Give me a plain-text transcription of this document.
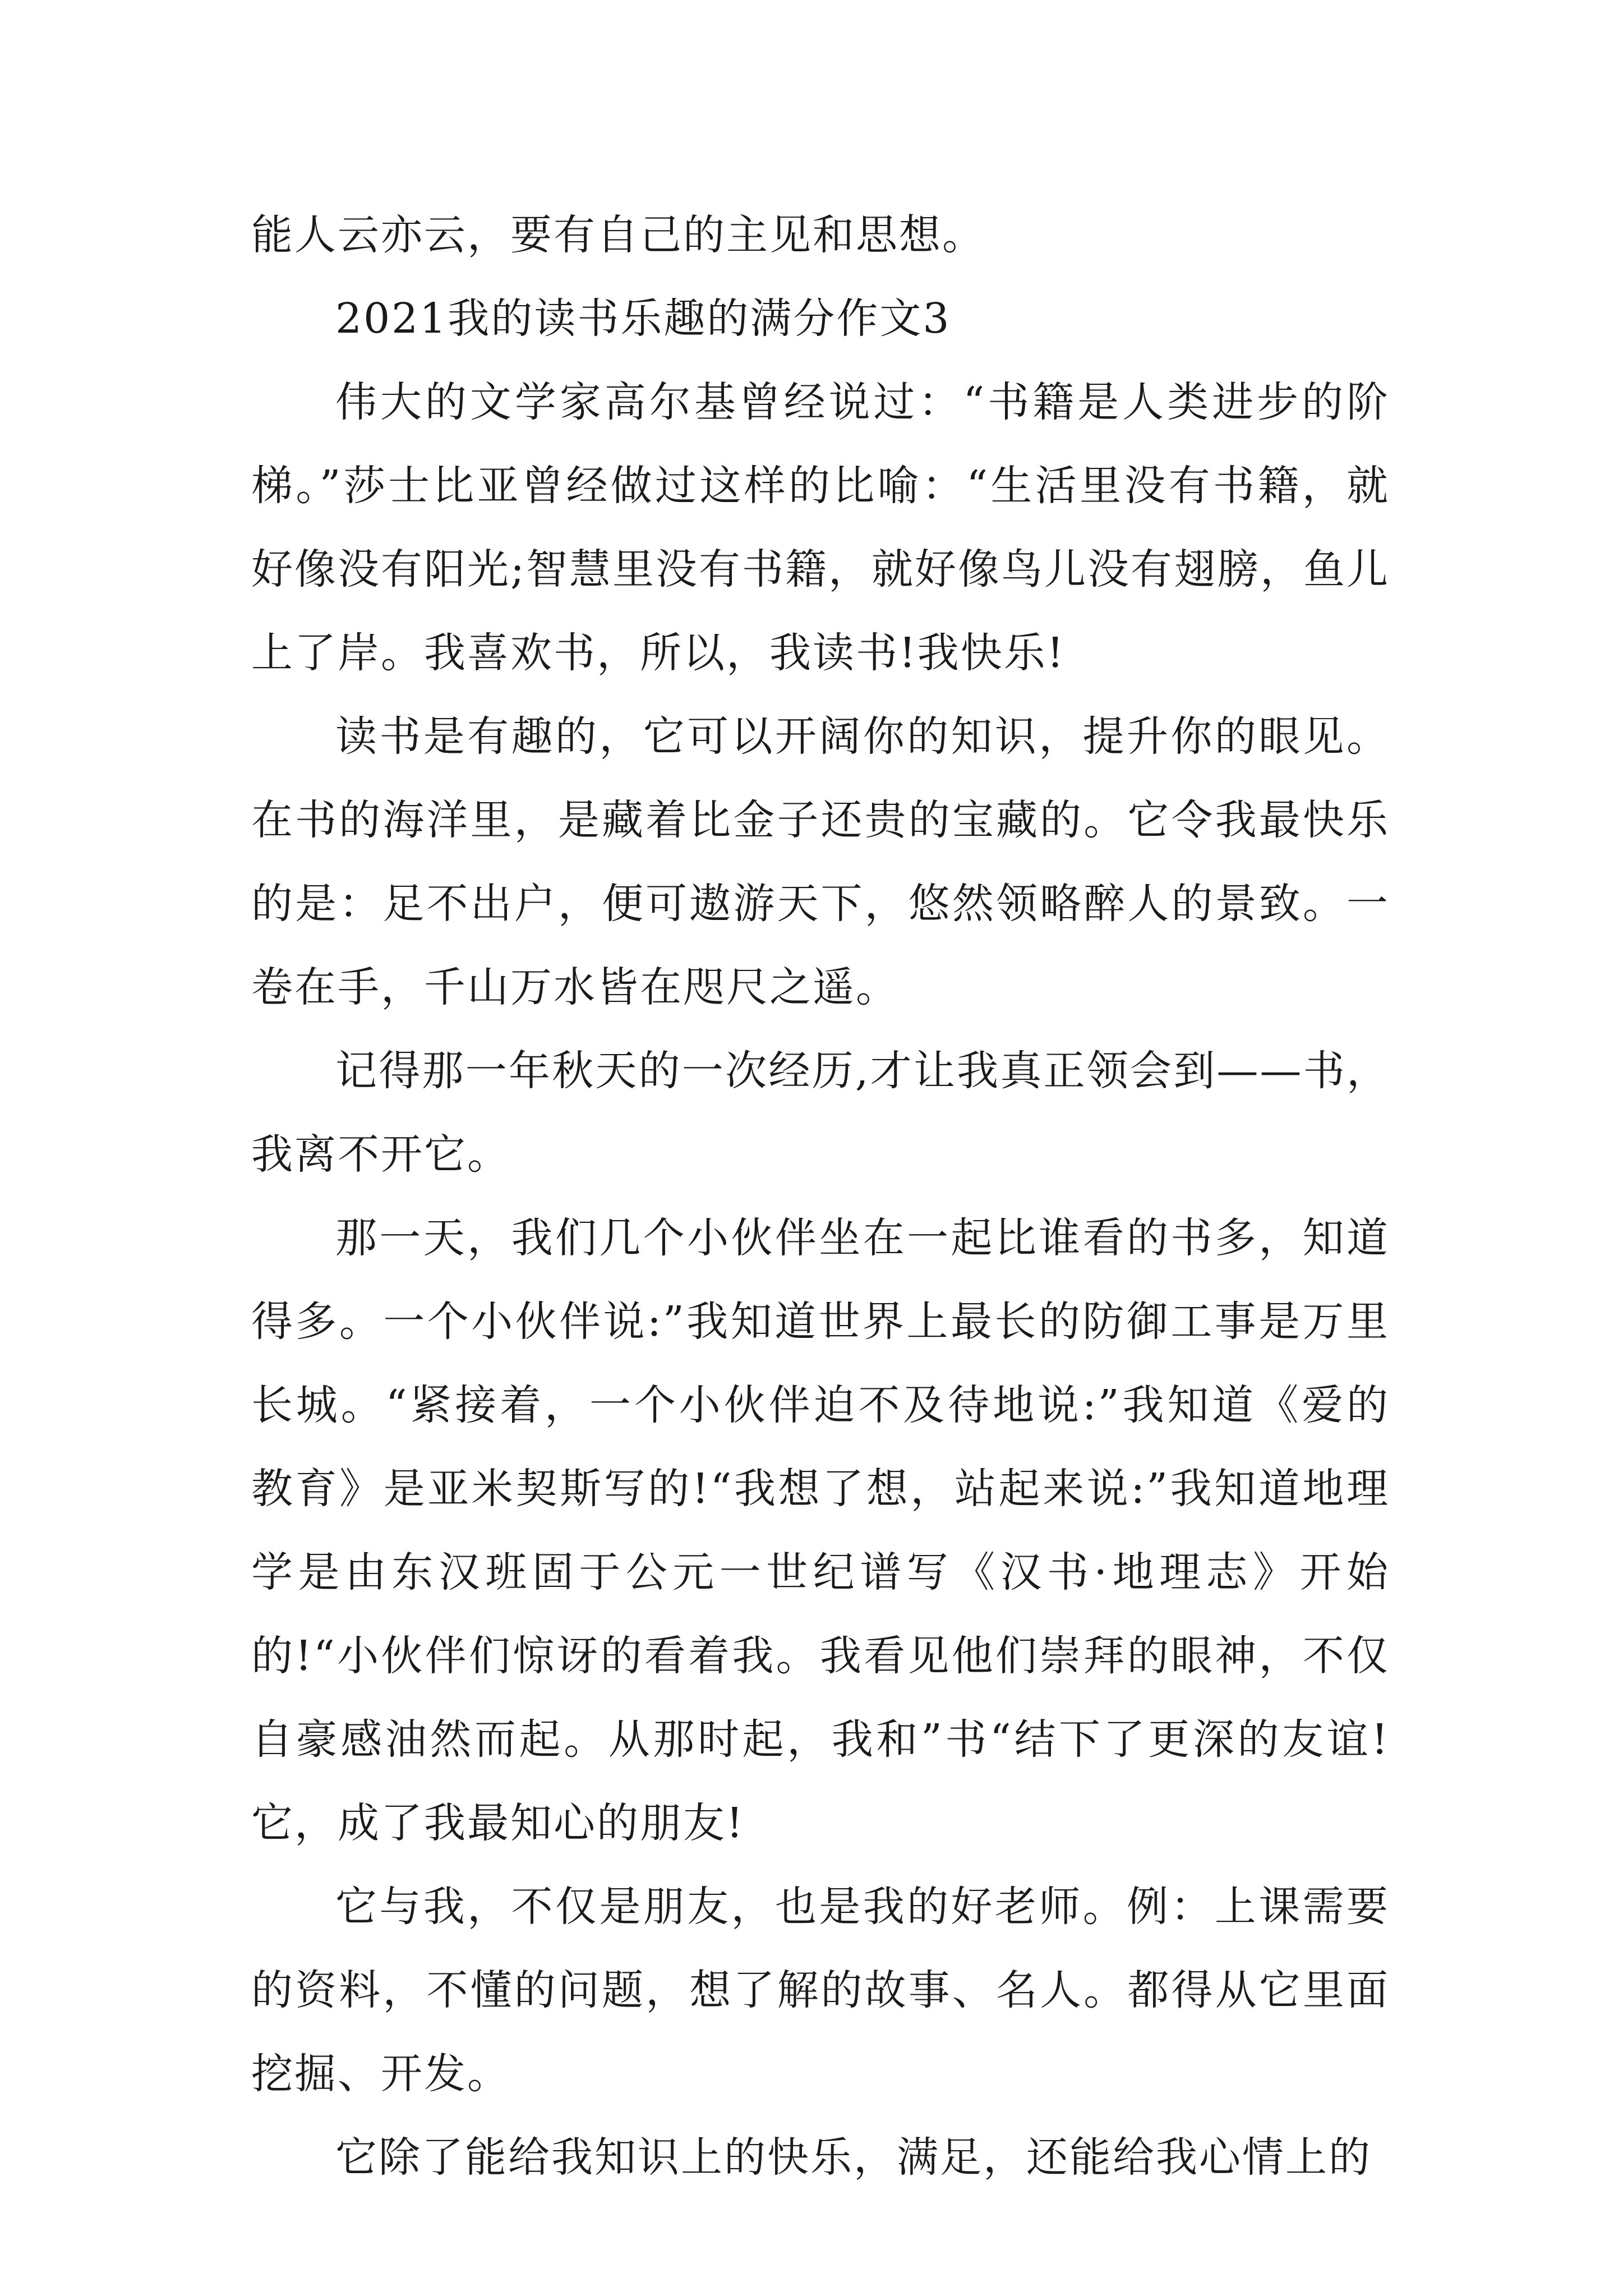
能人云亦云，要有自己的主见和思想。

2021我的读书乐趣的满分作文3

伟大的文学家高尔基曾经说过：“书籍是人类进步的阶梯。”莎士比亚曾经做过这样的比喻：“生活里没有书籍，就好像没有阳光;智慧里没有书籍，就好像鸟儿没有翅膀，鱼儿上了岸。我喜欢书，所以，我读书!我快乐!

读书是有趣的，它可以开阔你的知识，提升你的眼见。在书的海洋里，是藏着比金子还贵的宝藏的。它令我最快乐的是：足不出户，便可遨游天下，悠然领略醉人的景致。一卷在手，千山万水皆在咫尺之遥。

记得那一年秋天的一次经历,才让我真正领会到——书，我离不开它。

那一天，我们几个小伙伴坐在一起比谁看的书多，知道得多。一个小伙伴说:”我知道世界上最长的防御工事是万里长城。“紧接着，一个小伙伴迫不及待地说:”我知道《爱的教育》是亚米契斯写的!“我想了想，站起来说:”我知道地理学是由东汉班固于公元一世纪谱写《汉书·地理志》开始的!“小伙伴们惊讶的看着我。我看见他们崇拜的眼神，不仅自豪感油然而起。从那时起，我和”书“结下了更深的友谊!它，成了我最知心的朋友!

它与我，不仅是朋友，也是我的好老师。例：上课需要的资料，不懂的问题，想了解的故事、名人。都得从它里面挖掘、开发。

它除了能给我知识上的快乐，满足，还能给我心情上的
